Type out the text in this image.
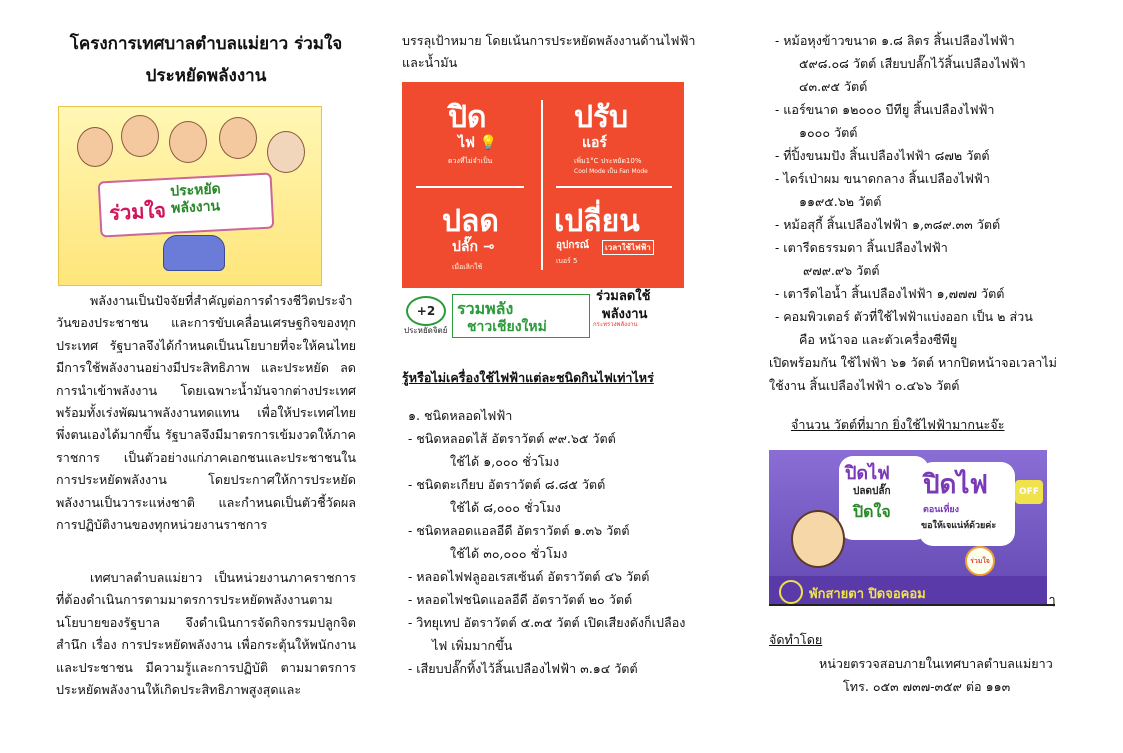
โครงการเทศบาลตำบลแม่ยาว ร่วมใจ
ประหยัดพลังงาน
ร่วมใจ
ประหยัด
พลังงาน
พลังงานเป็นปัจจัยที่สำคัญต่อการดำรงชีวิตประจำวันของประชาชน และการขับเคลื่อนเศรษฐกิจของทุกประเทศ รัฐบาลจึงได้กำหนดเป็นนโยบายที่จะให้คนไทยมีการใช้พลังงานอย่างมีประสิทธิภาพ และประหยัด ลดการนำเข้าพลังงาน โดยเฉพาะน้ำมันจากต่างประเทศ พร้อมทั้งเร่งพัฒนาพลังงานทดแทน เพื่อให้ประเทศไทยพึ่งตนเองได้มากขึ้น รัฐบาลจึงมีมาตรการเข้มงวดให้ภาคราชการ เป็นตัวอย่างแก่ภาคเอกชนและประชาชนในการประหยัดพลังงาน โดยประกาศให้การประหยัดพลังงานเป็นวาระแห่งชาติ และกำหนดเป็นตัวชี้วัดผลการปฏิบัติงานของทุกหน่วยงานราชการ
เทศบาลตำบลแม่ยาว เป็นหน่วยงานภาคราชการที่ต้องดำเนินการตามมาตรการประหยัดพลังงานตามนโยบายของรัฐบาล จึงดำเนินการจัดกิจกรรมปลูกจิตสำนึก เรื่อง การประหยัดพลังงาน เพื่อกระตุ้นให้พนักงานและประชาชน มีความรู้และการปฏิบัติ ตามมาตรการประหยัดพลังงานให้เกิดประสิทธิภาพสูงสุดและ
บรรลุเป้าหมาย โดยเน้นการประหยัดพลังงานด้านไฟฟ้า
และน้ำมัน
ปิด
ไฟ 💡
ดวงที่ไม่จำเป็น
ปรับ
แอร์
เพิ่ม1°C ประหยัด10%
Cool Mode เป็น Fan Mode
ปลด
ปลั๊ก ⊸
เมื่อเลิกใช้
เปลี่ยน
อุปกรณ์	เวลาใช้ไฟฟ้า
เบอร์ 5
+2
ประหยัดจิตย์
รวมพลัง
ชาวเชียงใหม่	กระทรวงพลังงาน
ร่วมลดใช้
พลังงาน
รู้หรือไม่เครื่องใช้ไฟฟ้าแต่ละชนิดกินไฟเท่าไหร่
๑. ชนิดหลอดไฟฟ้า
- ชนิดหลอดไส้ อัตราวัตต์ ๙๙.๖๕ วัตต์
ใช้ได้ ๑,๐๐๐ ชั่วโมง
- ชนิดตะเกียบ อัตราวัตต์ ๘.๘๕ วัตต์
ใช้ได้ ๘,๐๐๐ ชั่วโมง
- ชนิดหลอดแอลอีดี อัตราวัตต์ ๑.๓๖ วัตต์
ใช้ได้ ๓๐,๐๐๐ ชั่วโมง
- หลอดไฟฟลูออเรสเซ้นต์ อัตราวัตต์ ๔๖ วัตต์
- หลอดไฟชนิดแอลอีดี อัตราวัตต์ ๒๐ วัตต์
- วิทยุเทป อัตราวัตต์ ๕.๓๕ วัตต์ เปิดเสียงดังก็เปลือง
ไฟ เพิ่มมากขึ้น
- เสียบปลั๊กทิ้งไว้สิ้นเปลืองไฟฟ้า ๓.๑๔ วัตต์
- หม้อหุงข้าวขนาด ๑.๘ ลิตร สิ้นเปลืองไฟฟ้า
๕๙๘.๐๘ วัตต์ เสียบปลั๊กไว้สิ้นเปลืองไฟฟ้า
๔๓.๙๕ วัตต์
- แอร์ขนาด ๑๒๐๐๐ บีทียู สิ้นเปลืองไฟฟ้า
๑๐๐๐ วัตต์
- ที่ปิ้งขนมปัง สิ้นเปลืองไฟฟ้า ๘๗๒ วัตต์
- ไดร์เป่าผม ขนาดกลาง สิ้นเปลืองไฟฟ้า
๑๑๙๕.๖๒ วัตต์
- หม้อสุกี้ สิ้นเปลืองไฟฟ้า ๑,๓๘๙.๓๓ วัตต์
- เตารีดธรรมดา สิ้นเปลืองไฟฟ้า
๙๗๙.๙๖ วัตต์
- เตารีดไอน้ำ สิ้นเปลืองไฟฟ้า ๑,๗๗๗ วัตต์
- คอมพิวเตอร์ ตัวที่ใช้ไฟฟ้าแบ่งออก เป็น ๒ ส่วน
คือ หน้าจอ และตัวเครื่องซีพียู
เปิดพร้อมกัน ใช้ไฟฟ้า ๖๑ วัตต์ หากปิดหน้าจอเวลาไม่
ใช้งาน สิ้นเปลืองไฟฟ้า ๐.๔๖๖ วัตต์
จำนวน วัตต์ที่มาก ยิ่งใช้ไฟฟ้ามากนะจ๊ะ
ปิดไฟ
ปลดปลั๊ก
ปิดใจ
ปิดไฟ
ตอนเที่ยง
ขอให้เจแน่ห์ด้วยค่ะ
OFF
ร่วมใจ
พักสายตา ปิดจอคอม	ๅ
จัดทำโดย
หน่วยตรวจสอบภายในเทศบาลตำบลแม่ยาว
โทร. ๐๕๓ ๗๓๗-๓๕๙ ต่อ ๑๑๓
